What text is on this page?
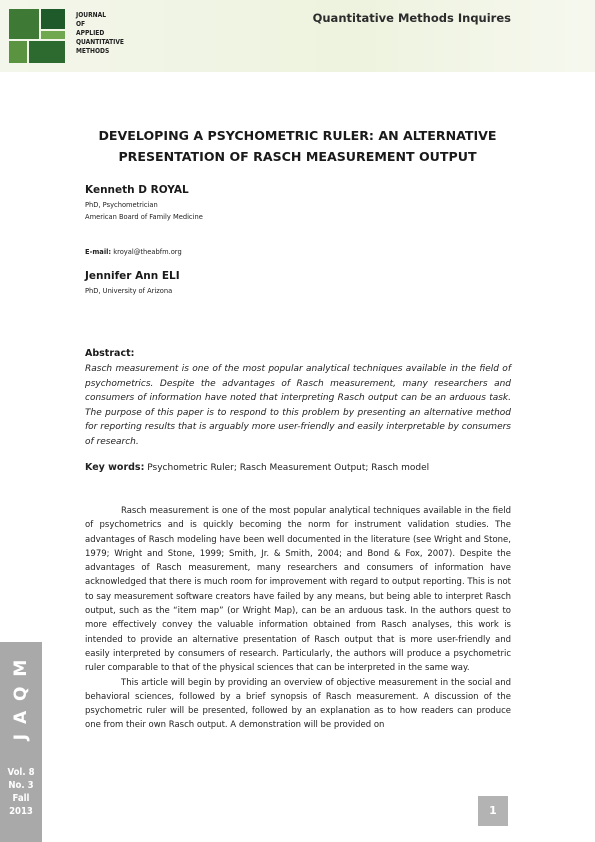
JOURNAL
OF
APPLIED
QUANTITATIVE
METHODS
Quantitative Methods Inquires
DEVELOPING A PSYCHOMETRIC RULER: AN ALTERNATIVE
PRESENTATION OF RASCH MEASUREMENT OUTPUT
Kenneth D ROYAL
PhD, Psychometrician
American Board of Family Medicine
E-mail: kroyal@theabfm.org
Jennifer Ann ELI
PhD, University of Arizona
Abstract:
Rasch measurement is one of the most popular analytical techniques available in the field of psychometrics. Despite the advantages of Rasch measurement, many researchers and consumers of information have noted that interpreting Rasch output can be an arduous task. The purpose of this paper is to respond to this problem by presenting an alternative method for reporting results that is arguably more user-friendly and easily interpretable by consumers of research.
Key words: Psychometric Ruler; Rasch Measurement Output; Rasch model

Rasch measurement is one of the most popular analytical techniques available in the field of psychometrics and is quickly becoming the norm for instrument validation studies. The advantages of Rasch modeling have been well documented in the literature (see Wright and Stone, 1979; Wright and Stone, 1999; Smith, Jr. & Smith, 2004; and Bond & Fox, 2007). Despite the advantages of Rasch measurement, many researchers and consumers of information have acknowledged that there is much room for improvement with regard to output reporting. This is not to say measurement software creators have failed by any means, but being able to interpret Rasch output, such as the “item map” (or Wright Map), can be an arduous task. In the authors quest to more effectively convey the valuable information obtained from Rasch analyses, this work is intended to provide an alternative presentation of Rasch output that is more user-friendly and easily interpreted by consumers of research. Particularly, the authors will produce a psychometric ruler comparable to that of the physical sciences that can be interpreted in the same way.

This article will begin by providing an overview of objective measurement in the social and behavioral sciences, followed by a brief synopsis of Rasch measurement. A discussion of the psychometric ruler will be presented, followed by an explanation as to how readers can produce one from their own Rasch output. A demonstration will be provided on

J A Q M
Vol. 8
No. 3
Fall
2013	1
